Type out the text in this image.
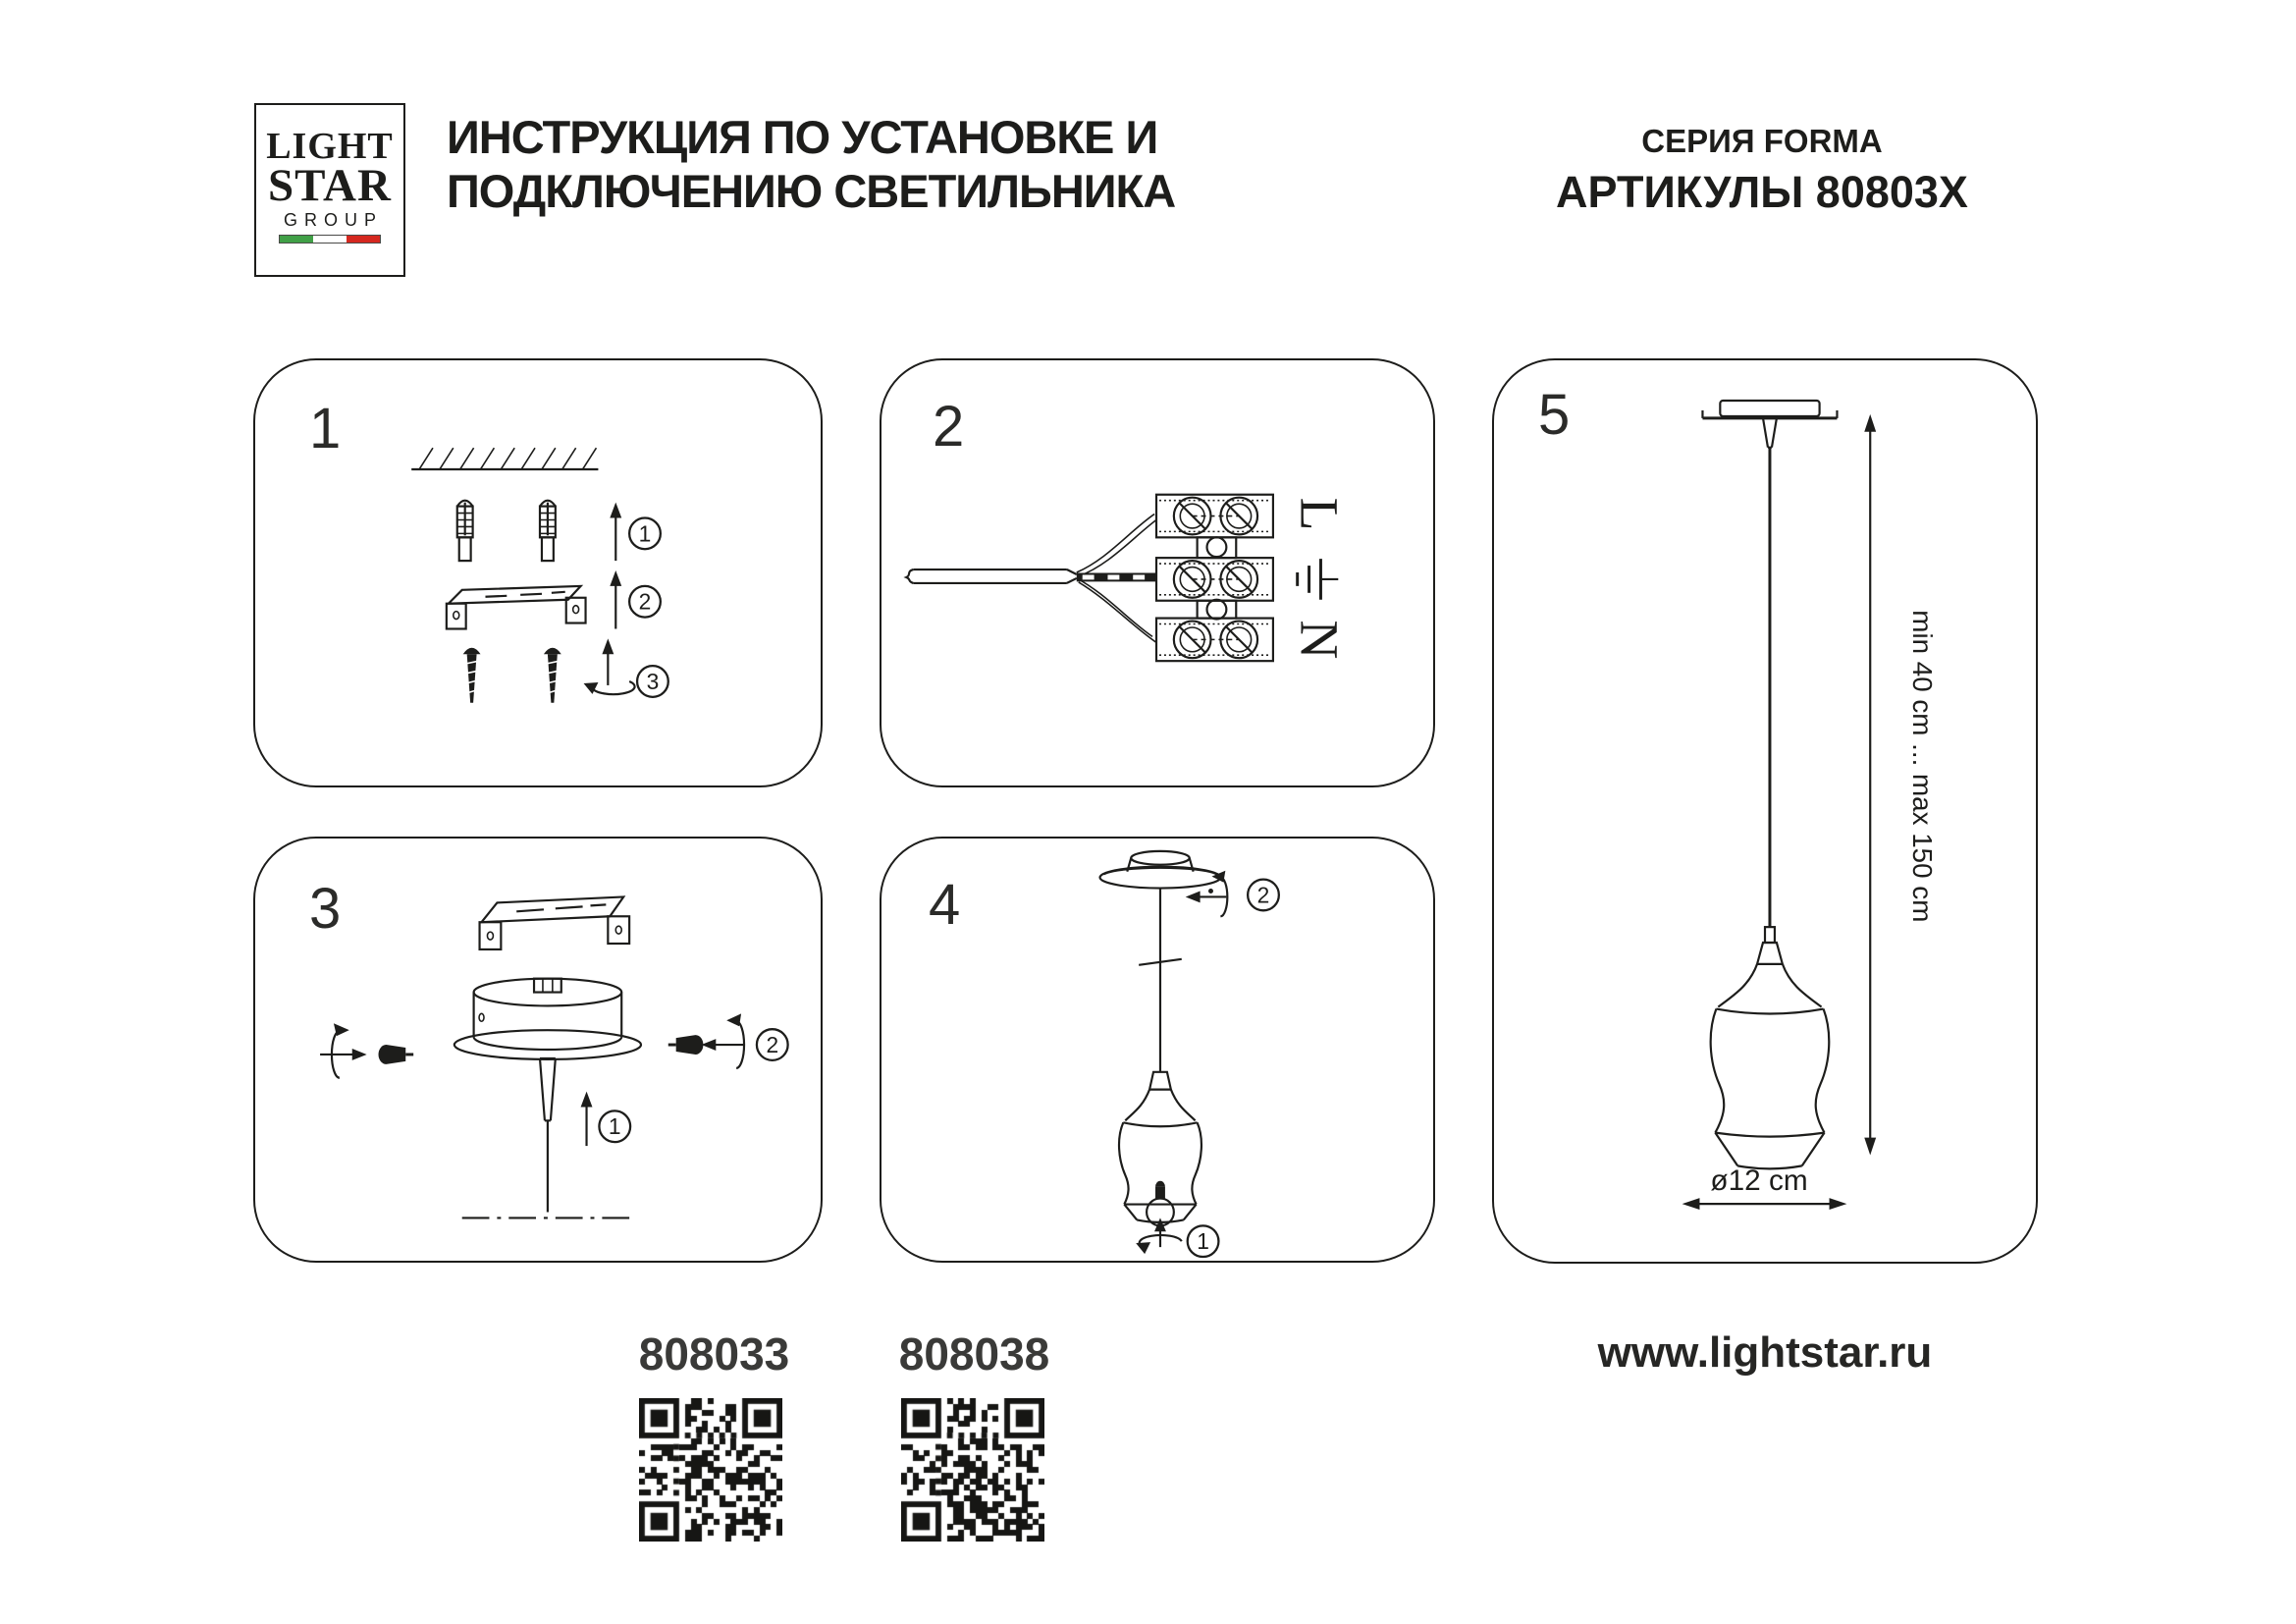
LIGHT
STAR
GROUP
ИНСТРУКЦИЯ ПО УСТАНОВКЕ И
ПОДКЛЮЧЕНИЮ СВЕТИЛЬНИКА
СЕРИЯ FORMA
АРТИКУЛЫ 80803X
1
1
2
3
2
L
N
3
1
2
4	2
1
5
min 40 cm ... max 150 cm
ø12 cm
808033	808038	www.lightstar.ru
